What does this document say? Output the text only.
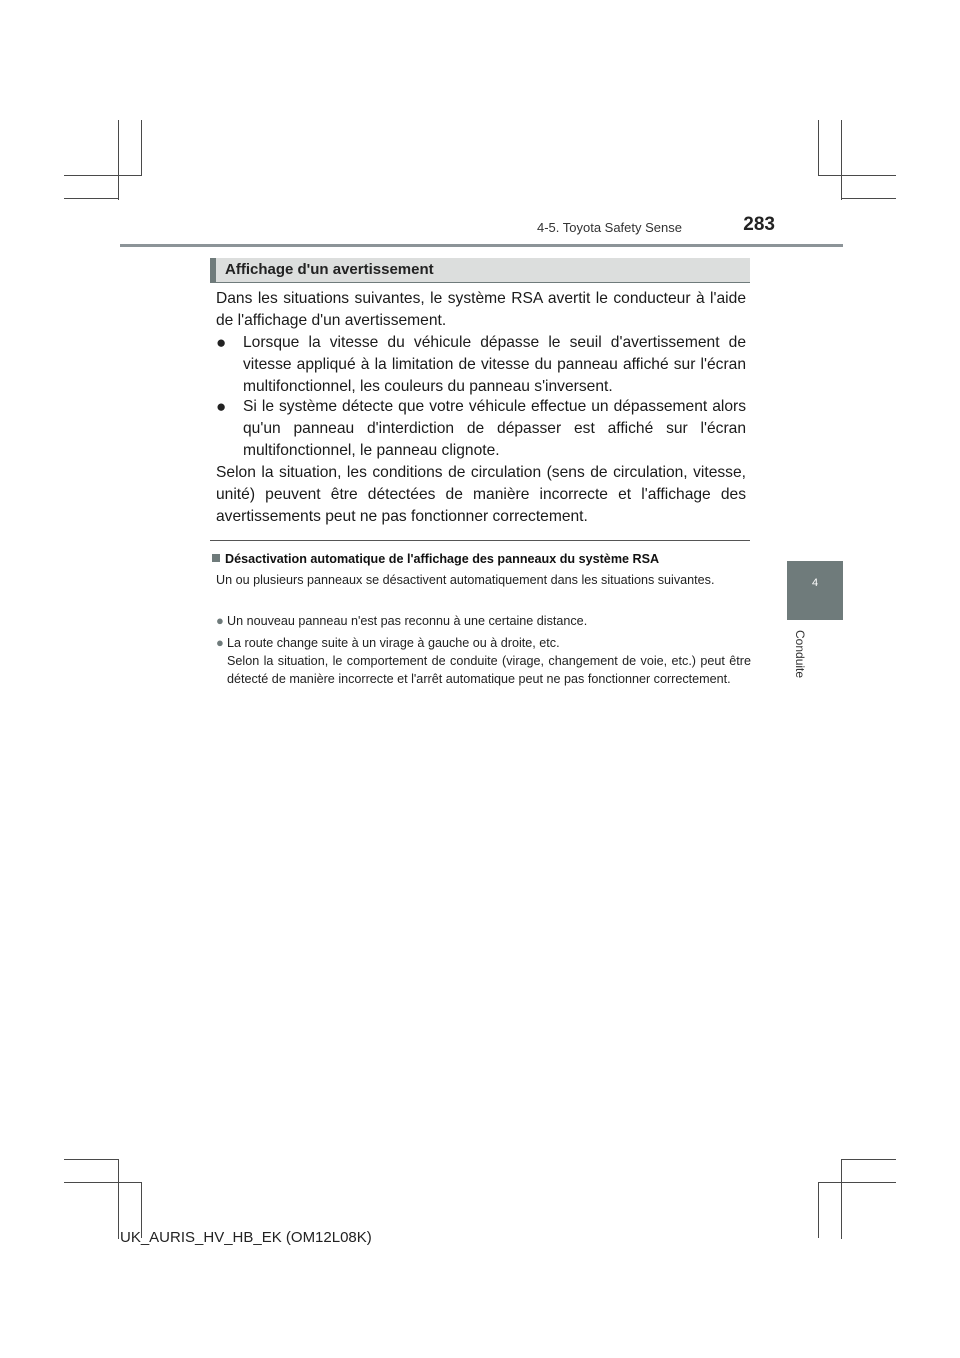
4-5. Toyota Safety Sense	283
4
Conduite
Affichage d'un avertissement
Dans les situations suivantes, le système RSA avertit le conducteur à l'aide de l'affichage d'un avertissement.
●	Lorsque la vitesse du véhicule dépasse le seuil d'avertissement de vitesse appliqué à la limitation de vitesse du panneau affiché sur l'écran multifonctionnel, les couleurs du panneau s'inversent.
●	Si le système détecte que votre véhicule effectue un dépassement alors qu'un panneau d'interdiction de dépasser est affiché sur l'écran multifonctionnel, le panneau clignote.
Selon la situation, les conditions de circulation (sens de circulation, vitesse, unité) peuvent être détectées de manière incorrecte et l'affichage des avertissements peut ne pas fonctionner correctement.
Désactivation automatique de l'affichage des panneaux du système RSA
Un ou plusieurs panneaux se désactivent automatiquement dans les situations suivantes.
● Un nouveau panneau n'est pas reconnu à une certaine distance.
● La route change suite à un virage à gauche ou à droite, etc.
Selon la situation, le comportement de conduite (virage, changement de voie, etc.) peut être détecté de manière incorrecte et l'arrêt automatique peut ne pas fonctionner correctement.
UK_AURIS_HV_HB_EK (OM12L08K)
